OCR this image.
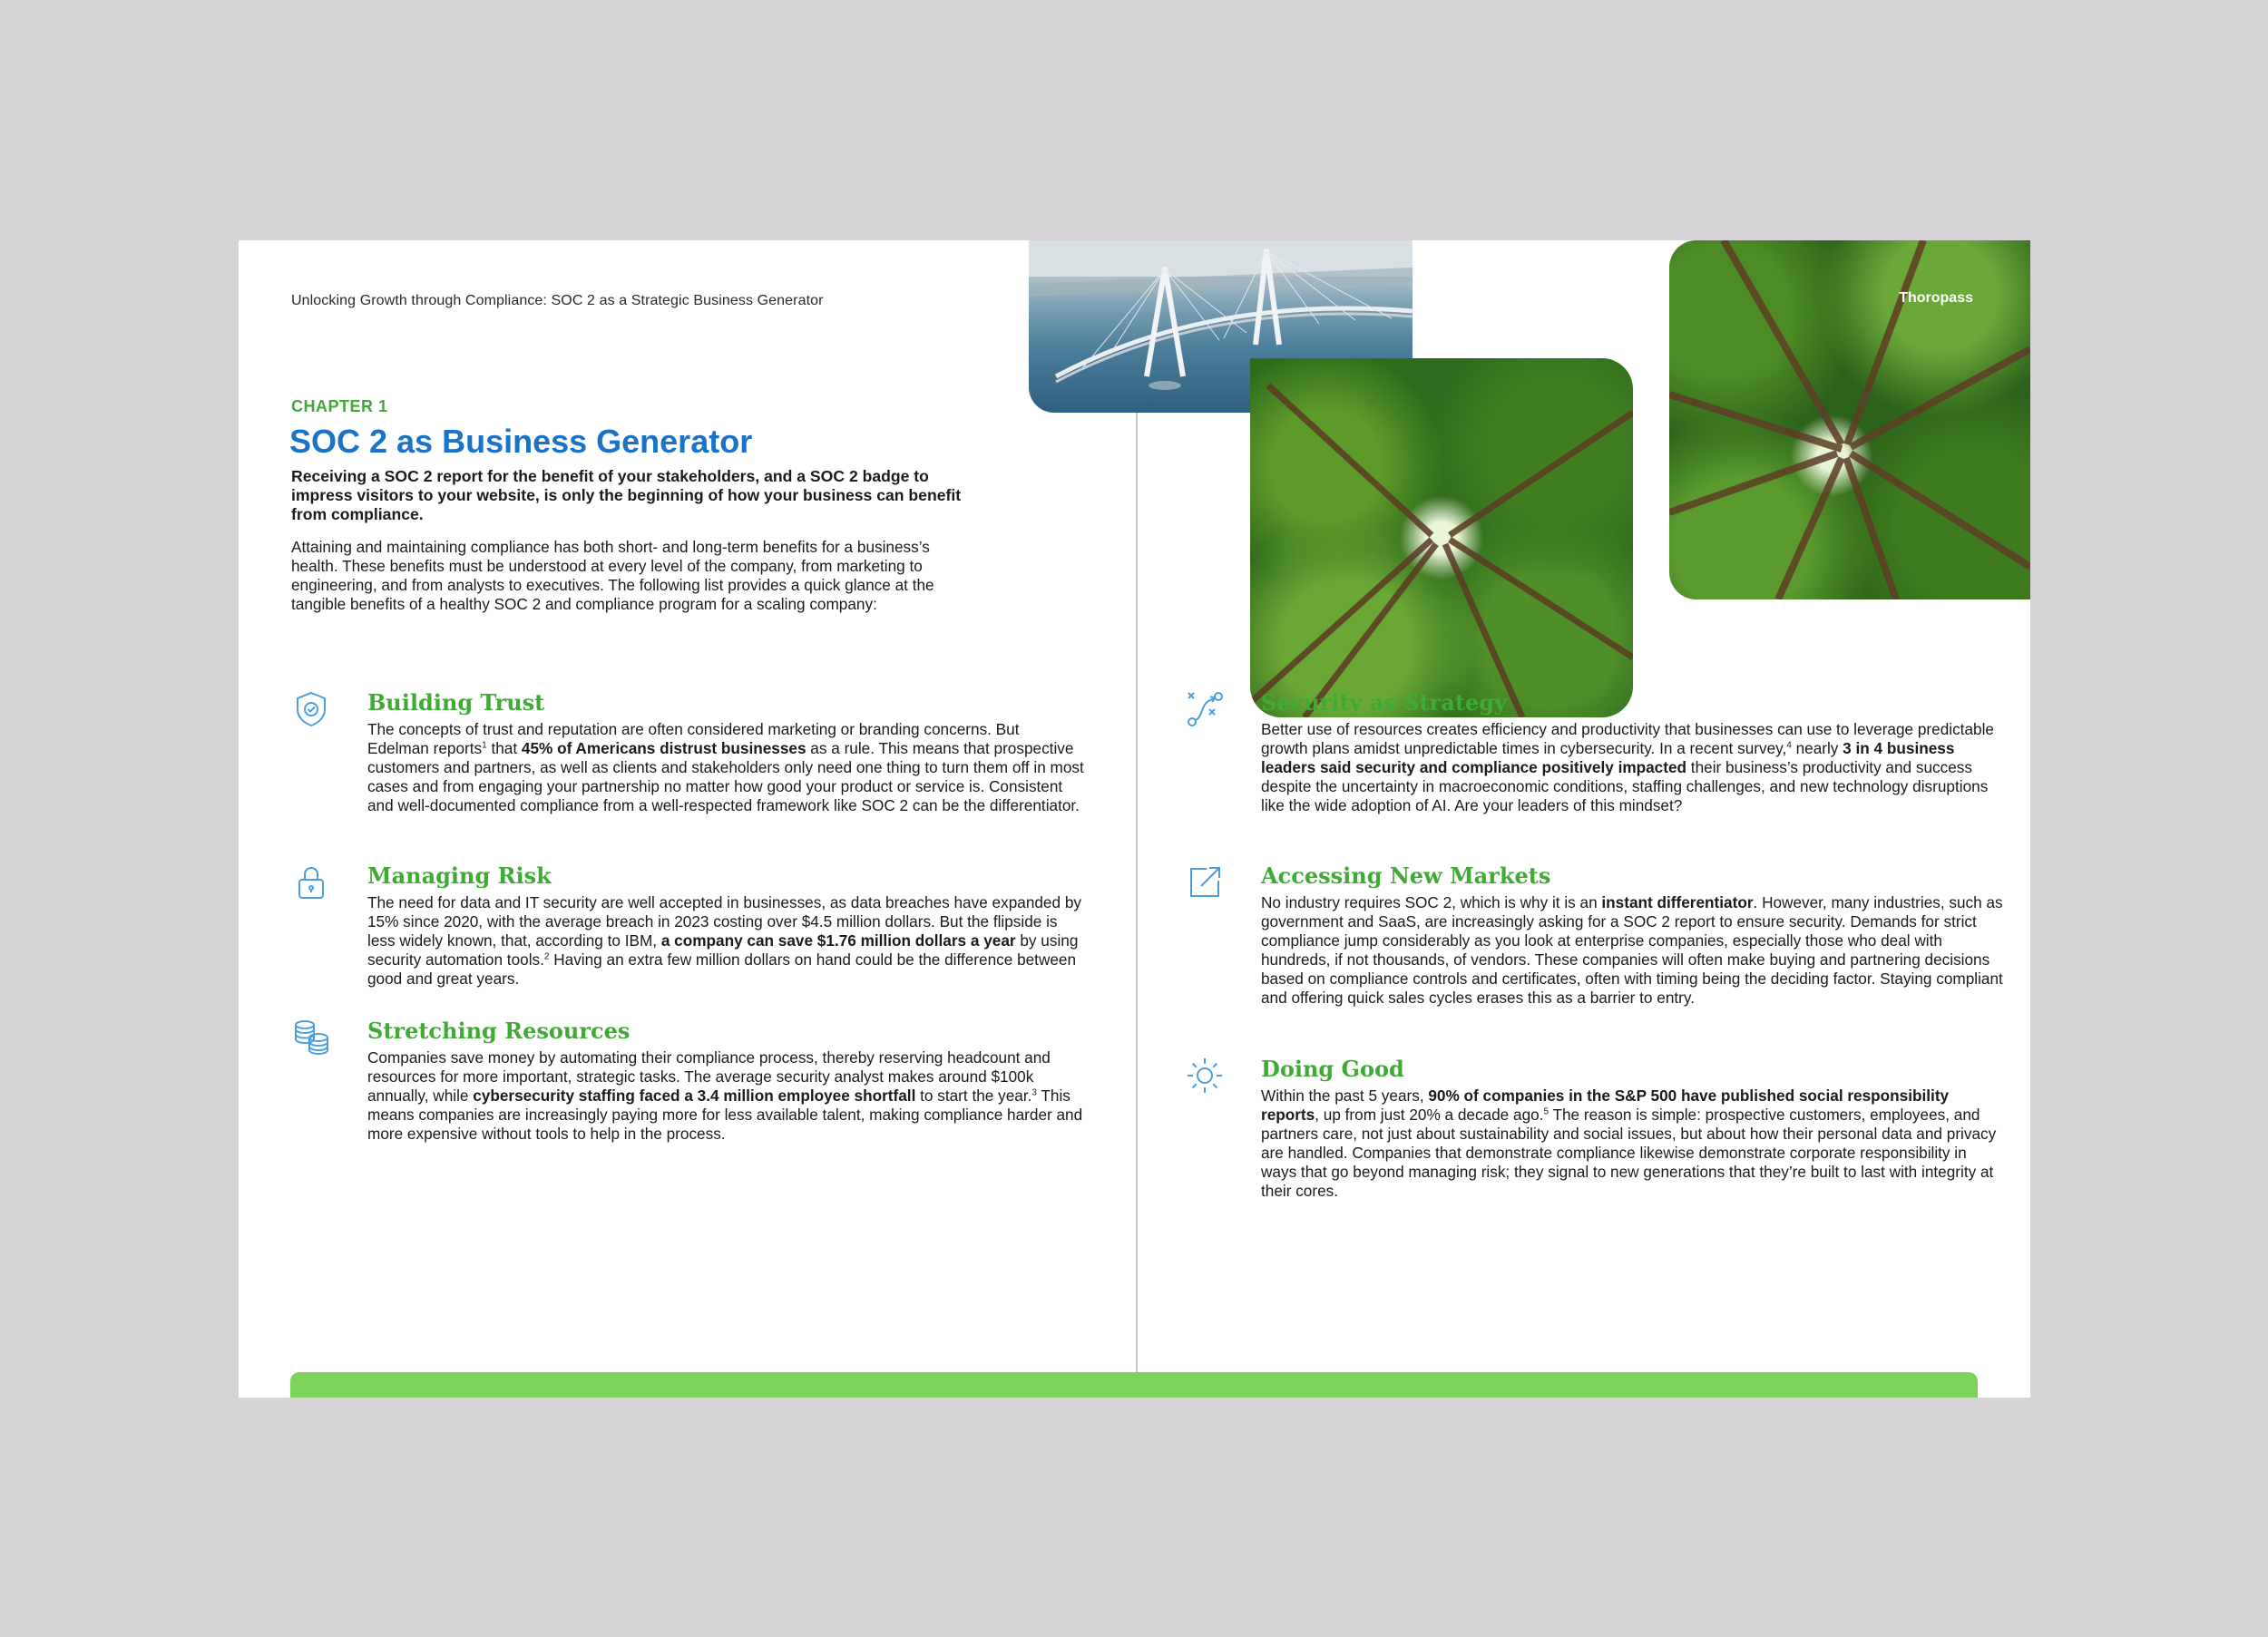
Unlocking Growth through Compliance: SOC 2 as a Strategic Business Generator	Thoropass
CHAPTER 1
SOC 2 as Business Generator

Receiving a SOC 2 report for the benefit of your stakeholders, and a SOC 2 badge to impress visitors to your website, is only the beginning of how your business can benefit from compliance.

Attaining and maintaining compliance has both short- and long-term benefits for a business’s health. These benefits must be understood at every level of the company, from marketing to engineering, and from analysts to executives. The following list provides a quick glance at the tangible benefits of a healthy SOC 2 and compliance program for a scaling company:

Building Trust

The concepts of trust and reputation are often considered marketing or branding concerns. But Edelman reports$^1$ that 45% of Americans distrust businesses as a rule. This means that prospective customers and partners, as well as clients and stakeholders only need one thing to turn them off in most cases and from engaging your partnership no matter how good your product or service is. Consistent and well-documented compliance from a well-respected framework like SOC 2 can be the differentiator.

Managing Risk

The need for data and IT security are well accepted in businesses, as data breaches have expanded by 15% since 2020, with the average breach in 2023 costing over $4.5 million dollars. But the flipside is less widely known, that, according to IBM, a company can save $1.76 million dollars a year by using security automation tools.$^2$ Having an extra few million dollars on hand could be the difference between good and great years.

Stretching Resources

Companies save money by automating their compliance process, thereby reserving headcount and resources for more important, strategic tasks. The average security analyst makes around $100k annually, while cybersecurity staffing faced a 3.4 million employee shortfall to start the year.$^3$ This means companies are increasingly paying more for less available talent, making compliance harder and more expensive without tools to help in the process.

Security as Strategy

Better use of resources creates efficiency and productivity that businesses can use to leverage predictable growth plans amidst unpredictable times in cybersecurity. In a recent survey,$^4$ nearly 3 in 4 business leaders said security and compliance positively impacted their business’s productivity and success despite the uncertainty in macroeconomic conditions, staffing challenges, and new technology disruptions like the wide adoption of AI. Are your leaders of this mindset?

Accessing New Markets

No industry requires SOC 2, which is why it is an instant differentiator. However, many industries, such as government and SaaS, are increasingly asking for a SOC 2 report to ensure security. Demands for strict compliance jump considerably as you look at enterprise companies, especially those who deal with hundreds, if not thousands, of vendors. These companies will often make buying and partnering decisions based on compliance controls and certificates, often with timing being the deciding factor. Staying compliant and offering quick sales cycles erases this as a barrier to entry.

Doing Good

Within the past 5 years, 90% of companies in the S&P 500 have published social responsibility reports, up from just 20% a decade ago.$^5$ The reason is simple: prospective customers, employees, and partners care, not just about sustainability and social issues, but about how their personal data and privacy are handled. Companies that demonstrate compliance likewise demonstrate corporate responsibility in ways that go beyond managing risk; they signal to new generations that they’re built to last with integrity at their cores.
